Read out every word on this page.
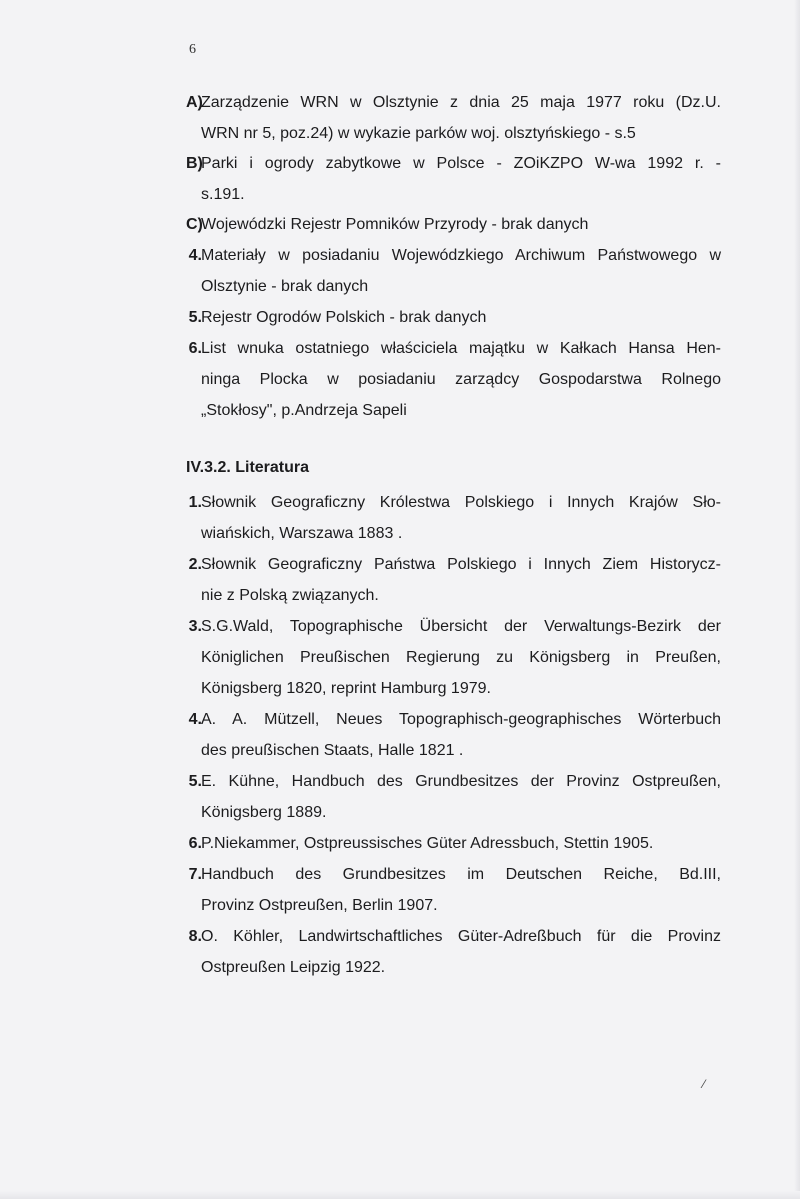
6
A)
Zarządzenie WRN w Olsztynie z dnia 25 maja 1977 roku (Dz.U.
WRN nr 5, poz.24) w wykazie parków woj. olsztyńskiego - s.5
B)
Parki i ogrody zabytkowe w Polsce - ZOiKZPO W-wa 1992 r. -
s.191.
C)
Wojewódzki Rejestr Pomników Przyrody - brak danych
4. Materiały w posiadaniu Wojewódzkiego Archiwum Państwowego w
Olsztynie - brak danych
5. Rejestr Ogrodów Polskich - brak danych
6. List wnuka ostatniego właściciela majątku w Kałkach Hansa Hen-
ninga Plocka w posiadaniu zarządcy Gospodarstwa Rolnego
„Stokłosy", p.Andrzeja Sapeli
IV.3.2. Literatura
1. Słownik Geograficzny Królestwa Polskiego i Innych Krajów Sło-
wiańskich, Warszawa 1883 .
2. Słownik Geograficzny Państwa Polskiego i Innych Ziem Historycz-
nie z Polską związanych.
3. S.G.Wald, Topographische Übersicht der Verwaltungs-Bezirk der
Königlichen Preußischen Regierung zu Königsberg in Preußen,
Königsberg 1820, reprint Hamburg 1979.
4. A. A. Mützell, Neues Topographisch-geographisches Wörterbuch
des preußischen Staats, Halle 1821 .
5. E. Kühne, Handbuch des Grundbesitzes der Provinz Ostpreußen,
Königsberg 1889.
6. P.Niekammer, Ostpreussisches Güter Adressbuch, Stettin 1905.
7. Handbuch des Grundbesitzes im Deutschen Reiche, Bd.III,
Provinz Ostpreußen, Berlin 1907.
8. O. Köhler, Landwirtschaftliches Güter-Adreßbuch für die Provinz
Ostpreußen Leipzig 1922.
⁄
